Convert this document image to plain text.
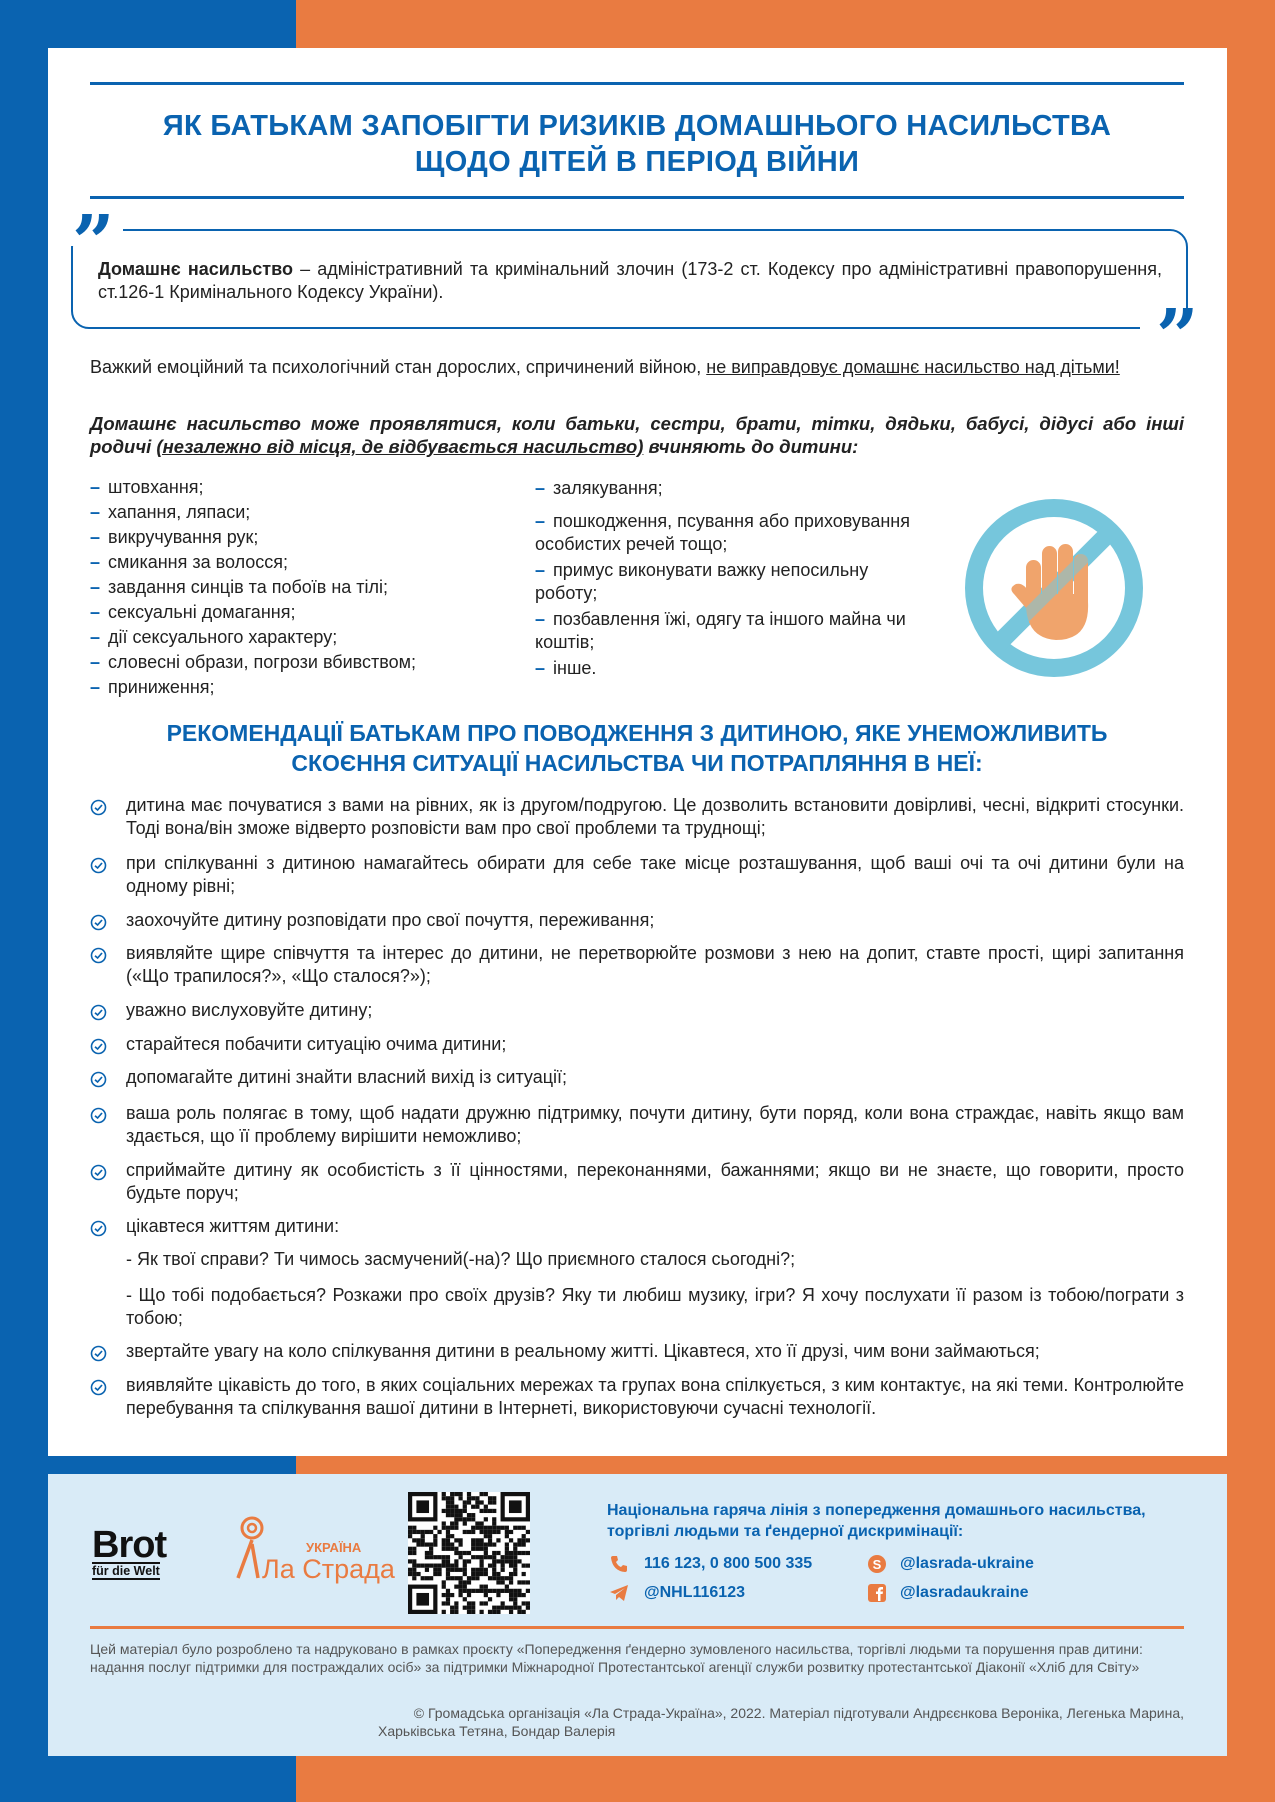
ЯК БАТЬКАМ ЗАПОБІГТИ РИЗИКІВ ДОМАШНЬОГО НАСИЛЬСТВА
ЩОДО ДІТЕЙ В ПЕРІОД ВІЙНИ
”
”
Домашнє насильство – адміністративний та кримінальний злочин (173-2 ст. Кодексу про адміністративні правопорушення, ст.126-1 Кримінального Кодексу України).
Важкий емоційний та психологічний стан дорослих, спричинений війною, не виправдовує домашнє насильство над дітьми!
Домашнє насильство може проявлятися, коли батьки, сестри, брати, тітки, дядьки, бабусі, дідусі або інші родичі (незалежно від місця, де відбувається насильство) вчиняють до дитини:
– штовхання;
– хапання, ляпаси;
– викручування рук;
– смикання за волосся;
– завдання синців та побоїв на тілі;
– сексуальні домагання;
– дії сексуального характеру;
– словесні образи, погрози вбивством;
– приниження;
– залякування;
– пошкодження, псування або приховування особистих речей тощо;
– примус виконувати важку непосильну роботу;
– позбавлення їжі, одягу та іншого майна чи коштів;
– інше.
РЕКОМЕНДАЦІЇ БАТЬКАМ ПРО ПОВОДЖЕННЯ З ДИТИНОЮ, ЯКЕ УНЕМОЖЛИВИТЬ
СКОЄННЯ СИТУАЦІЇ НАСИЛЬСТВА ЧИ ПОТРАПЛЯННЯ В НЕЇ:
дитина має почуватися з вами на рівних, як із другом/подругою. Це дозволить встановити довірливі, чесні, відкриті стосунки. Тоді вона/він зможе відверто розповісти вам про свої проблеми та труднощі;
при спілкуванні з дитиною намагайтесь обирати для себе таке місце розташування, щоб ваші очі та очі дитини були на одному рівні;
заохочуйте дитину розповідати про свої почуття, переживання;
виявляйте щире співчуття та інтерес до дитини, не перетворюйте розмови з нею на допит, ставте прості, щирі запитання («Що трапилося?», «Що сталося?»);
уважно вислуховуйте дитину;
старайтеся побачити ситуацію очима дитини;
допомагайте дитині знайти власний вихід із ситуації;
ваша роль полягає в тому, щоб надати дружню підтримку, почути дитину, бути поряд, коли вона страждає, навіть якщо вам здається, що її проблему вирішити неможливо;
сприймайте дитину як особистість з її цінностями, переконаннями, бажаннями; якщо ви не знаєте, що говорити, просто будьте поруч;
цікавтеся життям дитини:
звертайте увагу на коло спілкування дитини в реальному житті. Цікавтеся, хто її друзі, чим вони займаються;
виявляйте цікавість до того, в яких соціальних мережах та групах вона спілкується, з ким контактує, на які теми. Контролюйте перебування та спілкування вашої дитини в Інтернеті, використовуючи сучасні технології.
- Як твої справи? Ти чимось засмучений(-на)? Що приємного сталося сьогодні?;
- Що тобі подобається? Розкажи про своїх друзів? Яку ти любиш музику, ігри? Я хочу послухати її разом із тобою/пограти з тобою;
Brot
für die Welt
УКРАЇНА
Ла Страда
Національна гаряча лінія з попередження домашнього насильства, торгівлі людьми та ґендерної дискримінації:
116 123, 0 800 500 335
@NHL116123
S @lasrada-ukraine
@lasradaukraine
Цей матеріал було розроблено та надруковано в рамках проєкту «Попередження ґендерно зумовленого насильства, торгівлі людьми та порушення прав дитини: надання послуг підтримки для постраждалих осіб» за підтримки Міжнародної Протестантської агенції служби розвитку протестантської Діаконії «Хліб для Світу»
© Громадська організація «Ла Страда-Україна», 2022. Матеріал підготували Андрєєнкова Вероніка, Легенька Марина,
Харьківська Тетяна, Бондар Валерія
